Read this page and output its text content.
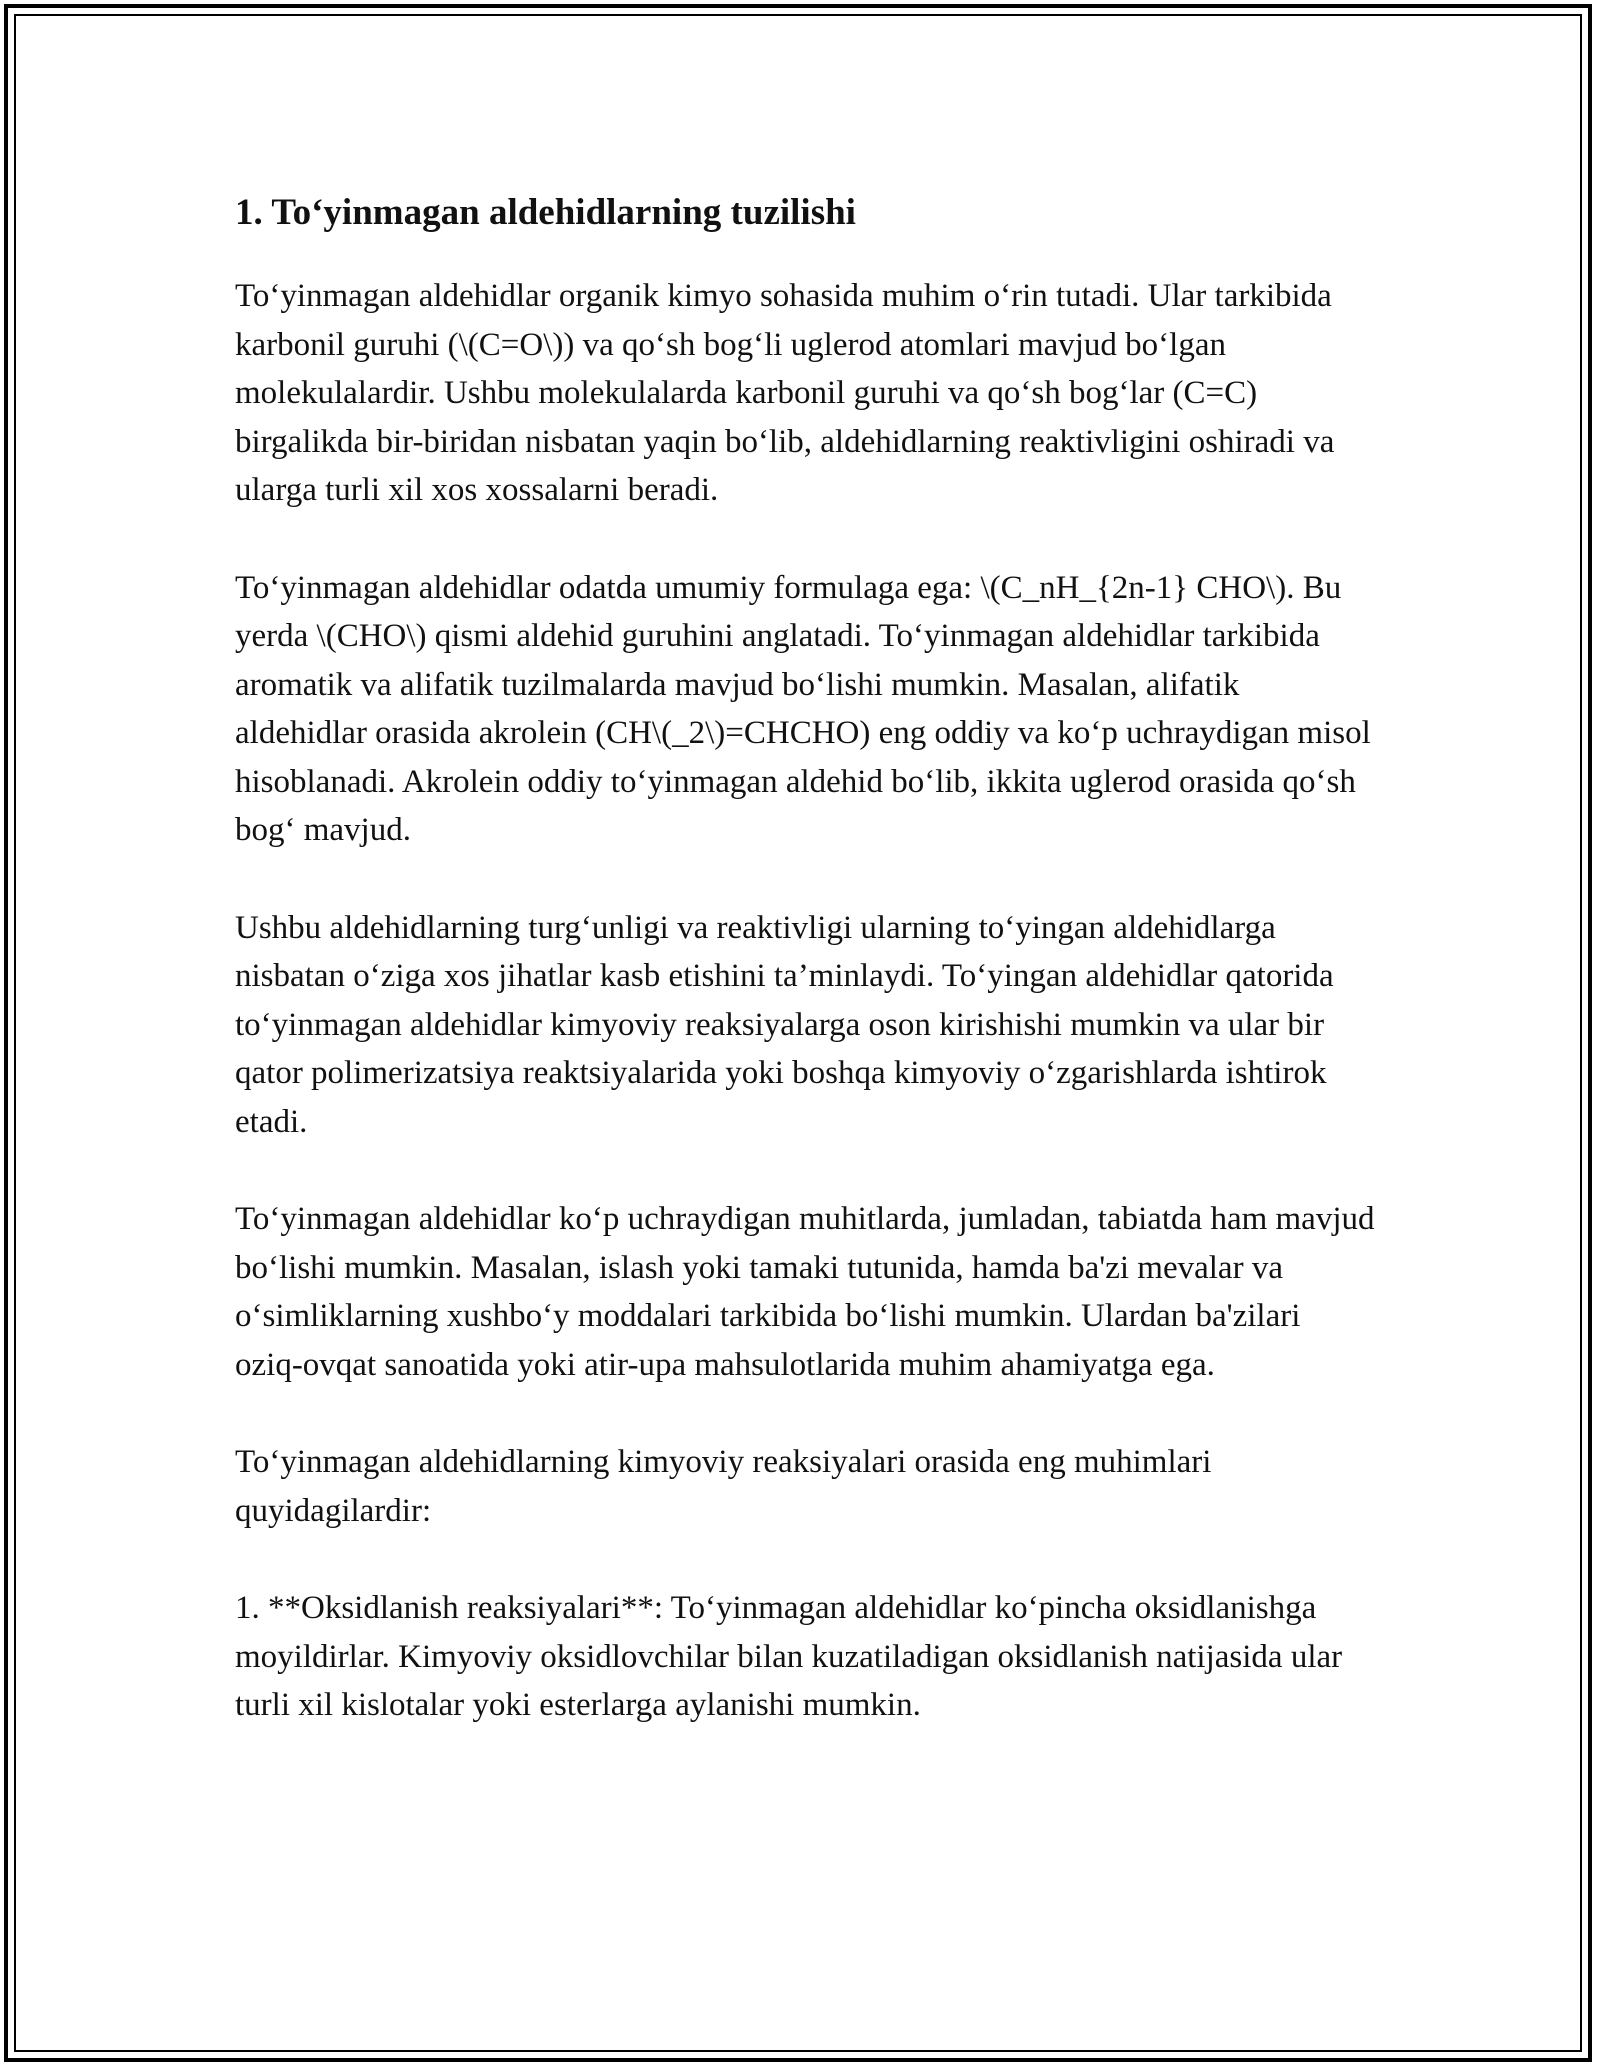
1. To‘yinmagan aldehidlarning tuzilishi

To‘yinmagan aldehidlar organik kimyo sohasida muhim o‘rin tutadi. Ular tarkibida karbonil guruhi (\(C=O\)) va qo‘sh bog‘li uglerod atomlari mavjud bo‘lgan molekulalardir. Ushbu molekulalarda karbonil guruhi va qo‘sh bog‘lar (C=C) birgalikda bir-biridan nisbatan yaqin bo‘lib, aldehidlarning reaktivligini oshiradi va ularga turli xil xos xossalarni beradi.

To‘yinmagan aldehidlar odatda umumiy formulaga ega: \(C_nH_{2n-1} CHO\). Bu yerda \(CHO\) qismi aldehid guruhini anglatadi. To‘yinmagan aldehidlar tarkibida aromatik va alifatik tuzilmalarda mavjud bo‘lishi mumkin. Masalan, alifatik aldehidlar orasida akrolein (CH\(_2\)=CHCHO) eng oddiy va ko‘p uchraydigan misol hisoblanadi. Akrolein oddiy to‘yinmagan aldehid bo‘lib, ikkita uglerod orasida qo‘sh bog‘ mavjud.

Ushbu aldehidlarning turg‘unligi va reaktivligi ularning to‘yingan aldehidlarga nisbatan o‘ziga xos jihatlar kasb etishini ta’minlaydi. To‘yingan aldehidlar qatorida to‘yinmagan aldehidlar kimyoviy reaksiyalarga oson kirishishi mumkin va ular bir qator polimerizatsiya reaktsiyalarida yoki boshqa kimyoviy o‘zgarishlarda ishtirok etadi.

To‘yinmagan aldehidlar ko‘p uchraydigan muhitlarda, jumladan, tabiatda ham mavjud bo‘lishi mumkin. Masalan, islash yoki tamaki tutunida, hamda ba'zi mevalar va o‘simliklarning xushbo‘y moddalari tarkibida bo‘lishi mumkin. Ulardan ba'zilari oziq-ovqat sanoatida yoki atir-upa mahsulotlarida muhim ahamiyatga ega.

To‘yinmagan aldehidlarning kimyoviy reaksiyalari orasida eng muhimlari quyidagilardir:

1. **Oksidlanish reaksiyalari**: To‘yinmagan aldehidlar ko‘pincha oksidlanishga moyildirlar. Kimyoviy oksidlovchilar bilan kuzatiladigan oksidlanish natijasida ular turli xil kislotalar yoki esterlarga aylanishi mumkin.
